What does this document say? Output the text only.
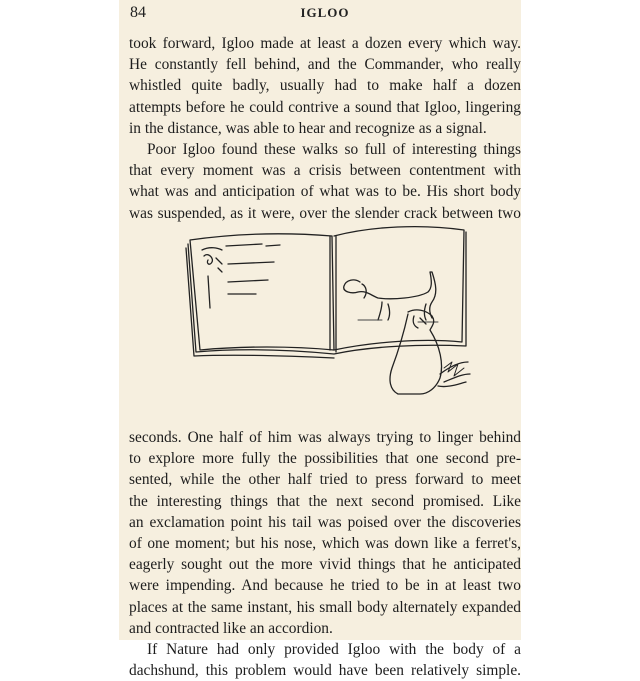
84	IGLOO
took forward, Igloo made at least a dozen every which way.
He constantly fell behind, and the Commander, who really
whistled quite badly, usually had to make half a dozen
attempts before he could contrive a sound that Igloo, lingering
in the distance, was able to hear and recognize as a signal.
Poor Igloo found these walks so full of interesting things
that every moment was a crisis between contentment with
what was and anticipation of what was to be. His short body
was suspended, as it were, over the slender crack between two
seconds. One half of him was always trying to linger behind
to explore more fully the possibilities that one second pre-
sented, while the other half tried to press forward to meet
the interesting things that the next second promised. Like
an exclamation point his tail was poised over the discoveries
of one moment; but his nose, which was down like a ferret's,
eagerly sought out the more vivid things that he anticipated
were impending. And because he tried to be in at least two
places at the same instant, his small body alternately expanded
and contracted like an accordion.
If Nature had only provided Igloo with the body of a
dachshund, this problem would have been relatively simple.
